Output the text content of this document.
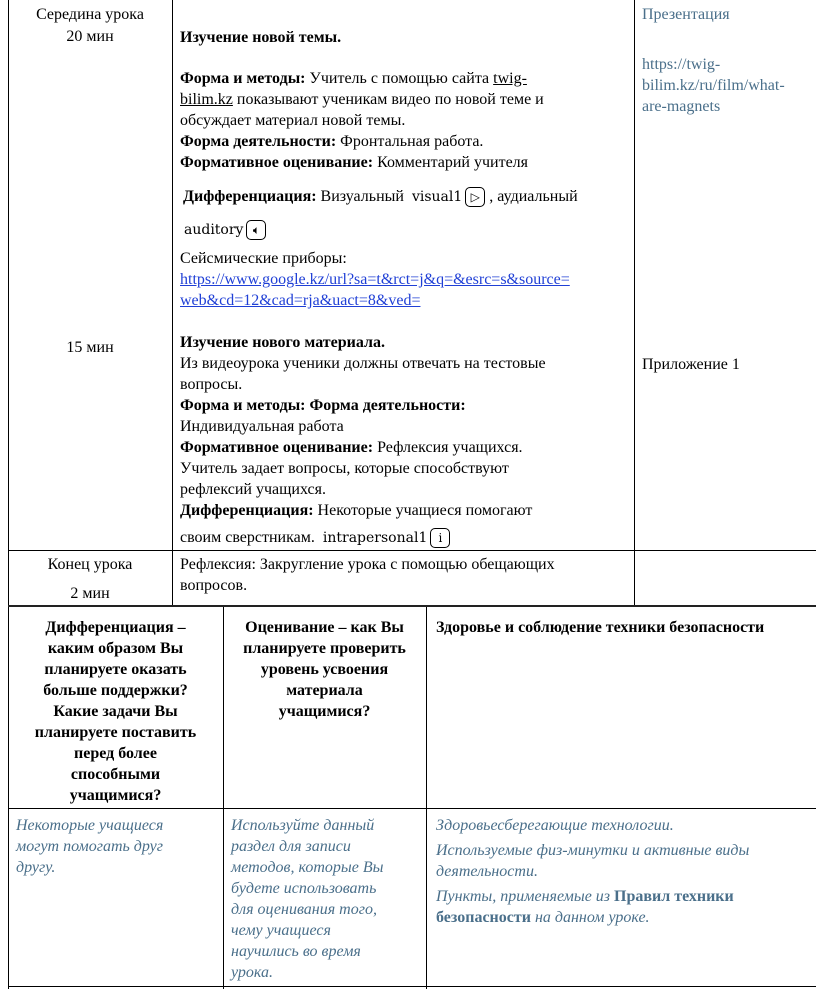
Середина урока
20 мин
15 мин
Изучение новой темы.
Форма и методы: Учитель с помощью сайта twig-
bilim.kz показывают ученикам видео по новой теме и
обсуждает материал новой темы.
Форма деятельности: Фронтальная работа.
Формативное оценивание: Комментарий учителя
Дифференциация: Визуальный visual1 ▷ , аудиальный
auditory 🔈︎
Сейсмические приборы:
https://www.google.kz/url?sa=t&rct=j&q=&esrc=s&source=
web&cd=12&cad=rja&uact=8&ved=
Изучение нового материала.
Из видеоурока ученики должны отвечать на тестовые
вопросы.
Форма и методы: Форма деятельности:
Индивидуальная работа
Формативное оценивание: Рефлексия учащихся.
Учитель задает вопросы, которые способствуют
рефлексий учащихся.
Дифференциация: Некоторые учащиеся помогают
своим сверстникам. intrapersonal1 i
Презентация
https://twig-
bilim.kz/ru/film/what-
are-magnets
Приложение 1
Конец урока
2 мин
Рефлексия: Закругление урока с помощью обещающих
вопросов.
Дифференциация –
каким образом Вы
планируете оказать
больше поддержки?
Какие задачи Вы
планируете поставить
перед более
способными
учащимися?
Оценивание – как Вы
планируете проверить
уровень усвоения
материала
учащимися?
Здоровье и соблюдение техники безопасности
Некоторые учащиеся
могут помогать друг
другу.
Используйте данный
раздел для записи
методов, которые Вы
будете использовать
для оценивания того,
чему учащиеся
научились во время
урока.
Здоровьесберегающие технологии.
Используемые физ-минутки и активные виды
деятельности.
Пункты, применяемые из Правил техники
безопасности на данном уроке.
